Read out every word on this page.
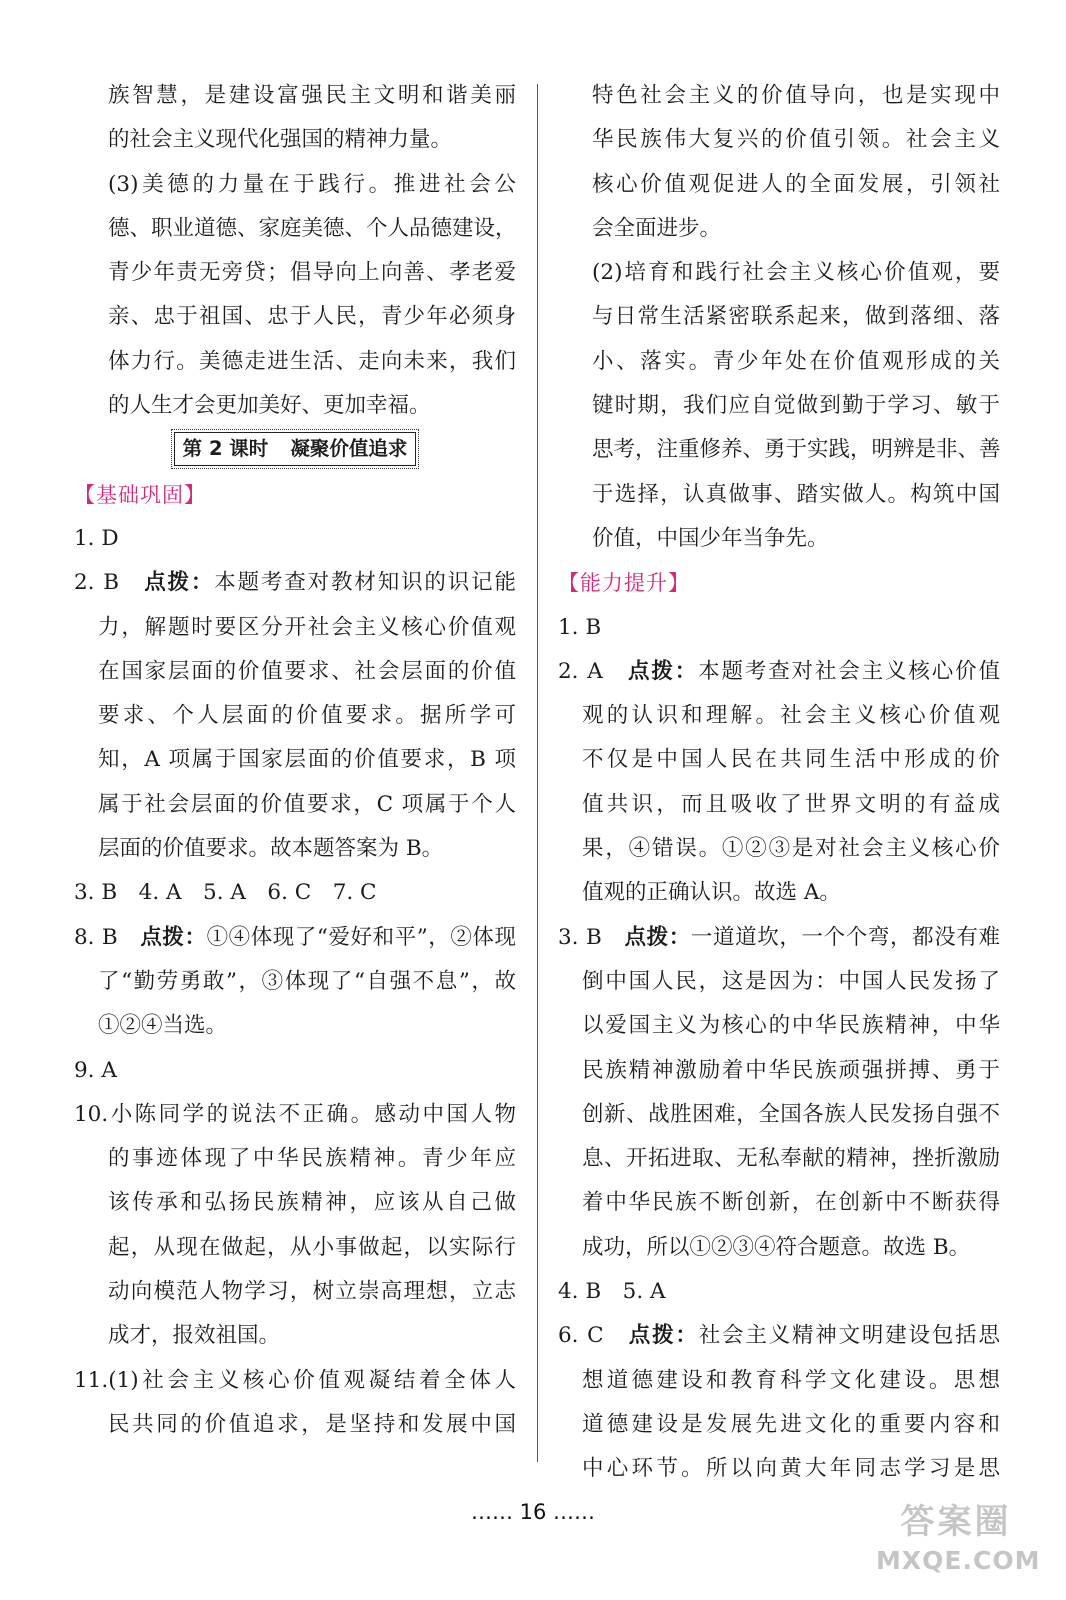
族智慧，是建设富强民主文明和谐美丽
的社会主义现代化强国的精神力量。
(3)美德的力量在于践行。推进社会公
德、职业道德、家庭美德、个人品德建设，
青少年责无旁贷；倡导向上向善、孝老爱
亲、忠于祖国、忠于人民，青少年必须身
体力行。美德走进生活、走向未来，我们
的人生才会更加美好、更加幸福。
第 2 课时 凝聚价值追求
【基础巩固】
1. D
2. B　 点拨：本题考查对教材知识的识记能
力，解题时要区分开社会主义核心价值观
在国家层面的价值要求、社会层面的价值
要求、个人层面的价值要求。据所学可
知，A 项属于国家层面的价值要求，B 项
属于社会层面的价值要求，C 项属于个人
层面的价值要求。故本题答案为 B。
3. B　4. A　5. A　6. C　7. C
8. B　 点拨：①④体现了“爱好和平”，②体现
了“勤劳勇敢”，③体现了“自强不息”，故
①②④当选。
9. A
10.小陈同学的说法不正确。感动中国人物
的事迹体现了中华民族精神。青少年应
该传承和弘扬民族精神，应该从自己做
起，从现在做起，从小事做起，以实际行
动向模范人物学习，树立崇高理想，立志
成才，报效祖国。
11.(1)社会主义核心价值观凝结着全体人
民共同的价值追求，是坚持和发展中国
特色社会主义的价值导向，也是实现中
华民族伟大复兴的价值引领。社会主义
核心价值观促进人的全面发展，引领社
会全面进步。
(2)培育和践行社会主义核心价值观，要
与日常生活紧密联系起来，做到落细、落
小、落实。青少年处在价值观形成的关
键时期，我们应自觉做到勤于学习、敏于
思考，注重修养、勇于实践，明辨是非、善
于选择，认真做事、踏实做人。构筑中国
价值，中国少年当争先。
【能力提升】
1. B
2. A　 点拨：本题考查对社会主义核心价值
观的认识和理解。社会主义核心价值观
不仅是中国人民在共同生活中形成的价
值共识，而且吸收了世界文明的有益成
果，④错误。①②③是对社会主义核心价
值观的正确认识。故选 A。
3. B　 点拨：一道道坎，一个个弯，都没有难
倒中国人民，这是因为：中国人民发扬了
以爱国主义为核心的中华民族精神，中华
民族精神激励着中华民族顽强拼搏、勇于
创新、战胜困难，全国各族人民发扬自强不
息、开拓进取、无私奉献的精神，挫折激励
着中华民族不断创新，在创新中不断获得
成功，所以①②③④符合题意。故选 B。
4. B　5. A
6. C　 点拨：社会主义精神文明建设包括思
想道德建设和教育科学文化建设。思想
道德建设是发展先进文化的重要内容和
中心环节。所以向黄大年同志学习是思
…… 16 ……	答案圈
MXQE.COM
